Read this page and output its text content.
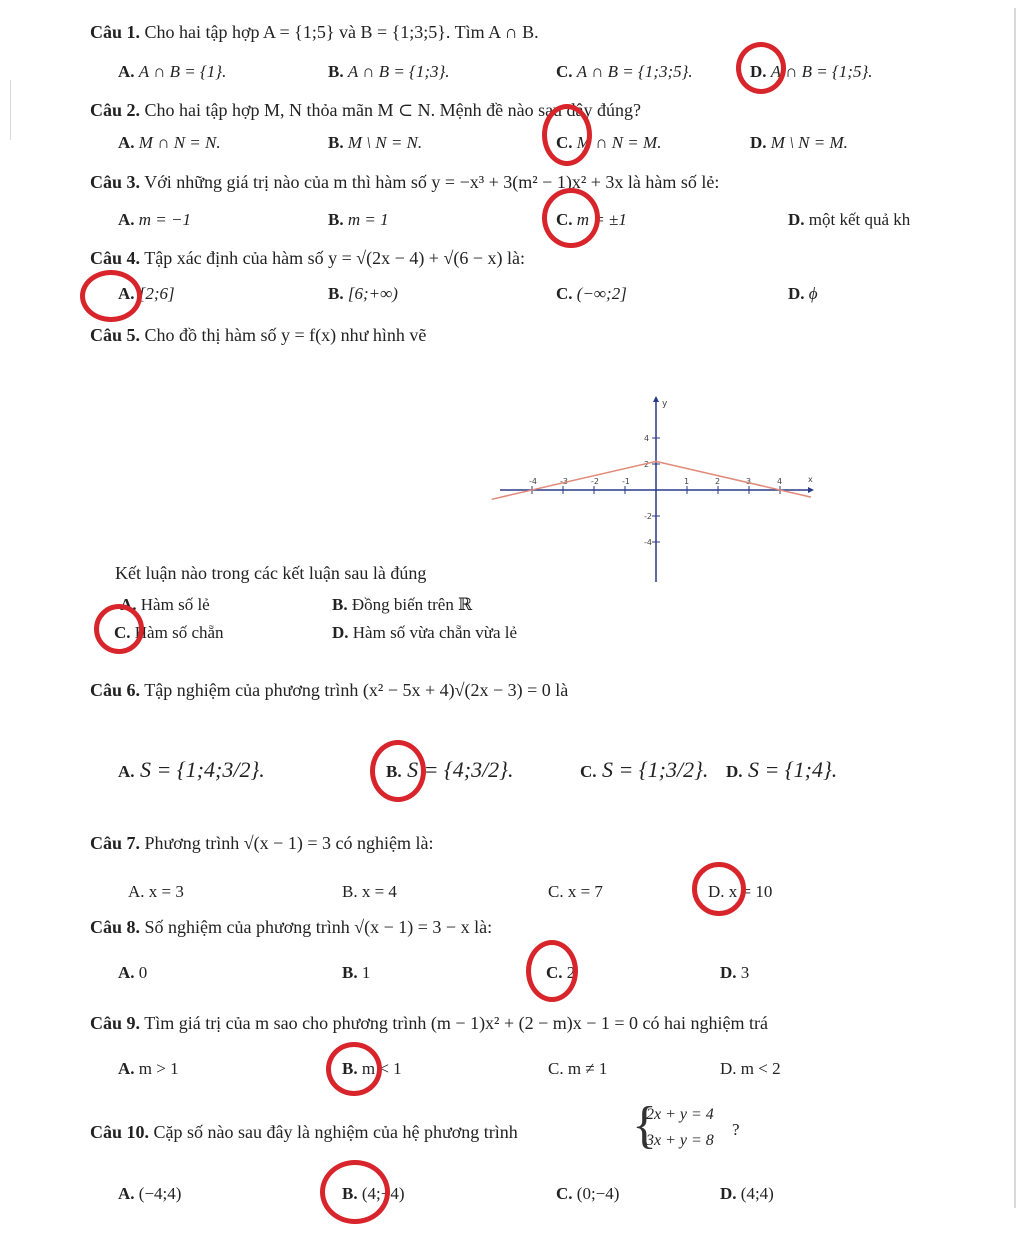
Câu 1. Cho hai tập hợp A = {1;5} và B = {1;3;5}. Tìm A ∩ B.
A. A ∩ B = {1}.	B. A ∩ B = {1;3}.	C. A ∩ B = {1;3;5}.	D. A ∩ B = {1;5}.
Câu 2. Cho hai tập hợp M, N thỏa mãn M ⊂ N. Mệnh đề nào sau đây đúng?
A. M ∩ N = N.	B. M \ N = N.	C. M ∩ N = M.	D. M \ N = M.
Câu 3. Với những giá trị nào của m thì hàm số y = −x³ + 3(m² − 1)x² + 3x là hàm số lẻ:
A. m = −1	B. m = 1	C. m = ±1	D. một kết quả kh
Câu 4. Tập xác định của hàm số y = √(2x − 4) + √(6 − x) là:
A. [2;6]	B. [6;+∞)	C. (−∞;2]	D. ϕ
Câu 5. Cho đồ thị hàm số y = f(x) như hình vẽ
-4	-3	-2	-1	1	2	3	4
4
2
-2
-4
x
y
Kết luận nào trong các kết luận sau là đúng
A. Hàm số lẻ	B. Đồng biến trên ℝ
C. Hàm số chẵn	D. Hàm số vừa chẵn vừa lẻ
Câu 6. Tập nghiệm của phương trình (x² − 5x + 4)√(2x − 3) = 0 là
A. S = {1;4;3/2}.	B. S = {4;3/2}.	C. S = {1;3/2}. D. S = {1;4}.
Câu 7. Phương trình √(x − 1) = 3 có nghiệm là:
A. x = 3	B. x = 4	C. x = 7	D. x = 10
Câu 8. Số nghiệm của phương trình √(x − 1) = 3 − x là:
A. 0	B. 1	C. 2	D. 3
Câu 9. Tìm giá trị của m sao cho phương trình (m − 1)x² + (2 − m)x − 1 = 0 có hai nghiệm trá
A. m > 1	B. m < 1	C. m ≠ 1	D. m < 2
Câu 10. Cặp số nào sau đây là nghiệm của hệ phương trình {
2x + y = 4
3x + y = 8
?
A. (−4;4)	B. (4;−4)	C. (0;−4)	D. (4;4)
